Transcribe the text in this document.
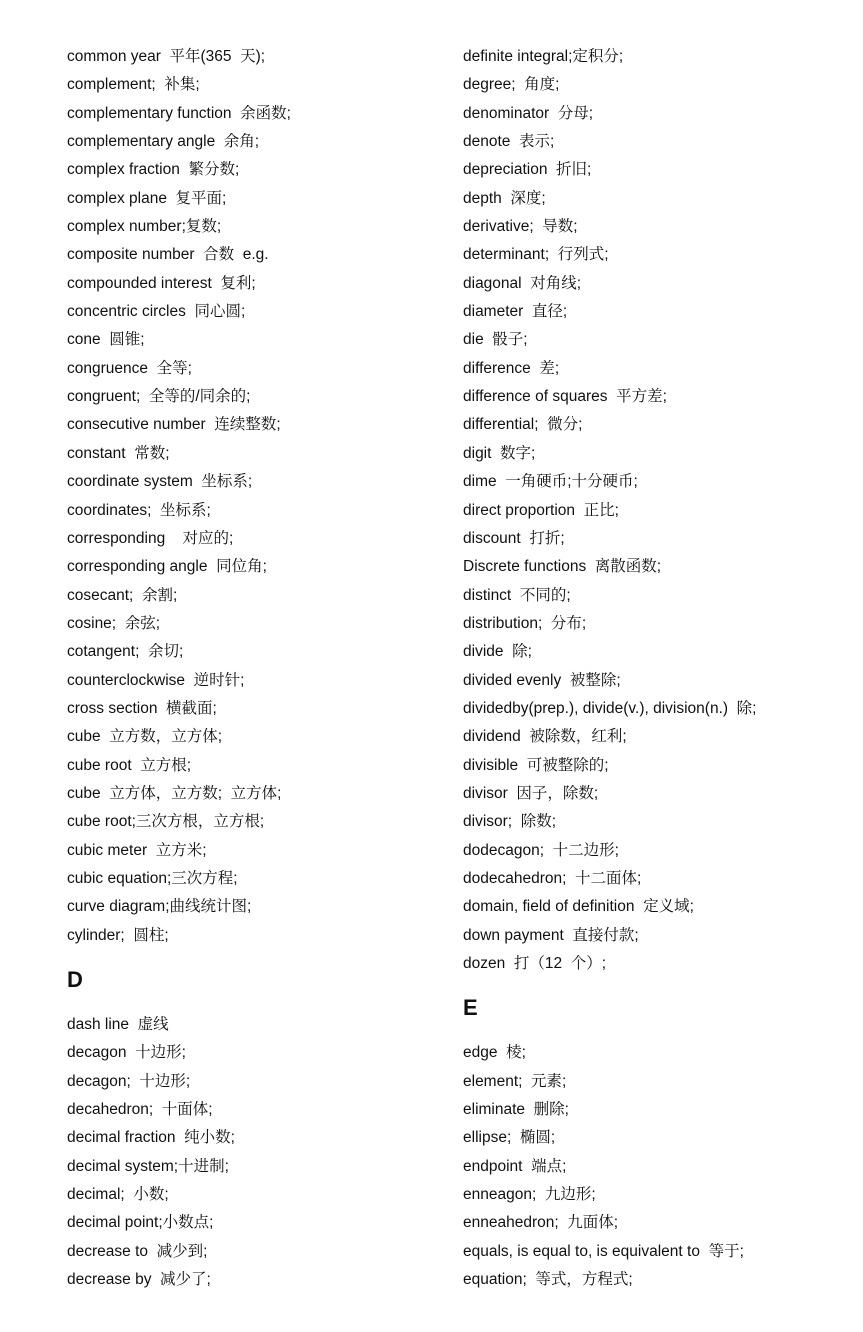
common year  平年(365  天);
complement;  补集;
complementary function  余函数;
complementary angle  余角;
complex fraction  繁分数;
complex plane  复平面;
complex number;复数;
composite number  合数  e.g.
compounded interest  复利;
concentric circles  同心圆;
cone  圆锥;
congruence  全等;
congruent;  全等的/同余的;
consecutive number  连续整数;
constant  常数;
coordinate system  坐标系;
coordinates;  坐标系;
corresponding    对应的;
corresponding angle  同位角;
cosecant;  余割;
cosine;  余弦;
cotangent;  余切;
counterclockwise  逆时针;
cross section  横截面;
cube  立方数，立方体;
cube root  立方根;
cube  立方体，立方数;  立方体;
cube root;三次方根，立方根;
cubic meter  立方米;
cubic equation;三次方程;
curve diagram;曲线统计图;
cylinder;  圆柱;
D
dash line  虚线
decagon  十边形;
decagon;  十边形;
decahedron;  十面体;
decimal fraction  纯小数;
decimal system;十进制;
decimal;  小数;
decimal point;小数点;
decrease to  减少到;
decrease by  减少了;
definite integral;定积分;
degree;  角度;
denominator  分母;
denote  表示;
depreciation  折旧;
depth  深度;
derivative;  导数;
determinant;  行列式;
diagonal  对角线;
diameter  直径;
die  骰子;
difference  差;
difference of squares  平方差;
differential;  微分;
digit  数字;
dime  一角硬币;十分硬币;
direct proportion  正比;
discount  打折;
Discrete functions  离散函数;
distinct  不同的;
distribution;  分布;
divide  除;
divided evenly  被整除;
dividedby(prep.), divide(v.), division(n.)  除;
dividend  被除数，红利;
divisible  可被整除的;
divisor  因子，除数;
divisor;  除数;
dodecagon;  十二边形;
dodecahedron;  十二面体;
domain, field of definition  定义域;
down payment  直接付款;
dozen  打（12  个）;
E
edge  棱;
element;  元素;
eliminate  删除;
ellipse;  椭圆;
endpoint  端点;
enneagon;  九边形;
enneahedron;  九面体;
equals, is equal to, is equivalent to  等于;
equation;  等式，方程式;
